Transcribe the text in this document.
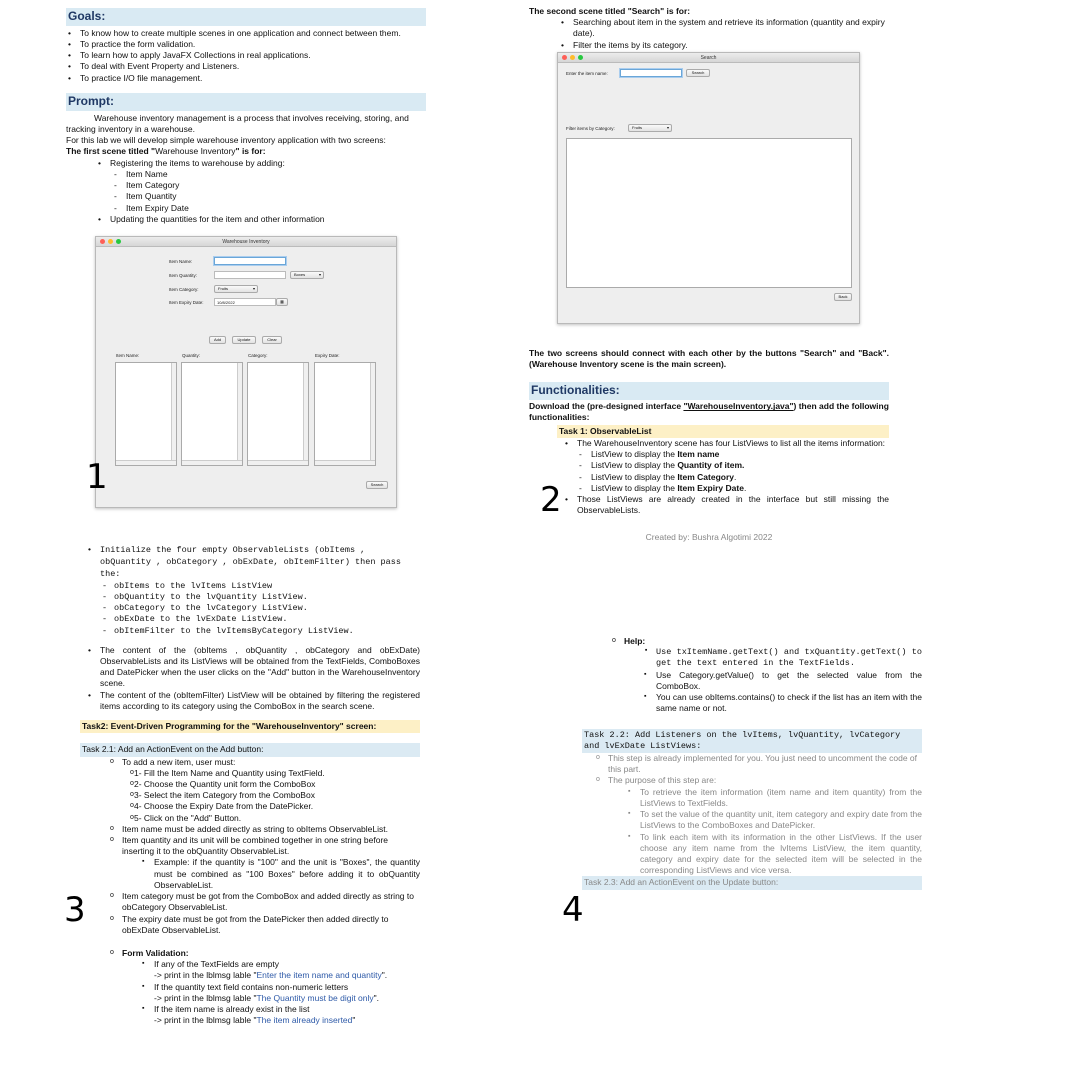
Goals:
• To know how to create multiple scenes in one application and connect between them.
• To practice the form validation.
• To learn how to apply JavaFX Collections in real applications.
• To deal with Event Property and Listeners.
• To practice I/O file management.
Prompt:

Warehouse inventory management is a process that involves receiving, storing, and tracking inventory in a warehouse.

For this lab we will develop simple warehouse inventory application with two screens:

The first scene titled "Warehouse Inventory" is for:

• Registering the items to warehouse by adding:
- Item Name
- Item Category
- Item Quantity
- Item Expiry Date
• Updating the quantities for the item and other information
Warehouse Inventory
Item Name:
Item Quantity:	Boxes ▾
Item Category:	Fruits ▾
Item Expiry Date:	10/8/2022	▦
Add	Update	Clear
Item Name:	Quantity:	Category:	Expiry Date:
Search
1

The second scene titled "Search" is for:

• Searching about item in the system and retrieve its information (quantity and expiry date).
• Filter the items by its category.
Search
Enter the item name:	Search
Filter items by Category:	Fruits ▾
Back

The two screens should connect with each other by the buttons "Search" and "Back". (Warehouse Inventory scene is the main screen).

Functionalities:

Download the (pre-designed interface "WarehouseInventory.java") then add the following functionalities:

Task 1: ObservableList
• The WarehouseInventory scene has four ListViews to list all the items information:
- ListView to display the Item name
- ListView to display the Quantity of item.
- ListView to display the Item Category.
- ListView to display the Item Expiry Date.
• Those ListViews are already created in the interface but still missing the ObservableLists.

Created by: Bushra Algotimi 2022

2
• Initialize the four empty ObservableLists (obItems , obQuantity , obCategory , obExDate, obItemFilter) then pass the:
- obItems to the lvItems ListView
- obQuantity to the lvQuantity ListView.
- obCategory to the lvCategory ListView.
- obExDate to the lvExDate ListView.
- obItemFilter to the lvItemsByCategory ListView.
• The content of the (obItems , obQuantity , obCategory and obExDate) ObservableLists and its ListViews will be obtained from the TextFields, ComboBoxes and DatePicker when the user clicks on the "Add" button in the WarehouseInventory scene.
• The content of the (obItemFilter) ListView will be obtained by filtering the registered items according to its category using the ComboBox in the search scene.
Task2: Event-Driven Programming for the "WarehouseInventory" screen:
Task 2.1: Add an ActionEvent on the Add button:
o To add a new item, user must:
o 1- Fill the Item Name and Quantity using TextField.
o 2- Choose the Quantity unit form the ComboBox
o 3- Select the item Category from the ComboBox
o 4- Choose the Expiry Date from the DatePicker.
o 5- Click on the "Add" Button.
o Item name must be added directly as string to obItems ObservableList.
o Item quantity and its unit will be combined together in one string before inserting it to the obQuantity ObservableList.
▪ Example: if the quantity is "100" and the unit is "Boxes", the quantity must be combined as "100 Boxes" before adding it to obQuantity ObservableList.
o Item category must be got from the ComboBox and added directly as string to obCategory ObservableList.
o The expiry date must be got from the DatePicker then added directly to obExDate ObservableList.
o Form Validation:
▪ If any of the TextFields are empty
-> print in the lblmsg lable "Enter the item name and quantity".
▪ If the quantity text field contains non-numeric letters
-> print in the lblmsg lable "The Quantity must be digit only".
▪ If the item name is already exist in the list
-> print in the lblmsg lable "The item already inserted"
3
o Help:
▪ Use txItemName.getText() and txQuantity.getText() to get the text entered in the TextFields.
▪ Use Category.getValue() to get the selected value from the ComboBox.
▪ You can use obItems.contains() to check if the list has an item with the same name or not.
Task 2.2: Add Listeners on the lvItems, lvQuantity, lvCategory and lvExDate ListViews:
o This step is already implemented for you. You just need to uncomment the code of this part.
o The purpose of this step are:
▪ To retrieve the item information (item name and item quantity) from the ListViews to TextFields.
▪ To set the value of the quantity unit, item category and expiry date from the ListViews to the ComboBoxes and DatePicker.
▪ To link each item with its information in the other ListViews. If the user choose any item name from the lvItems ListView, the item quantity, category and expiry date for the selected item will be selected in the corresponding ListViews and vice versa.
Task 2.3: Add an ActionEvent on the Update button:
4
